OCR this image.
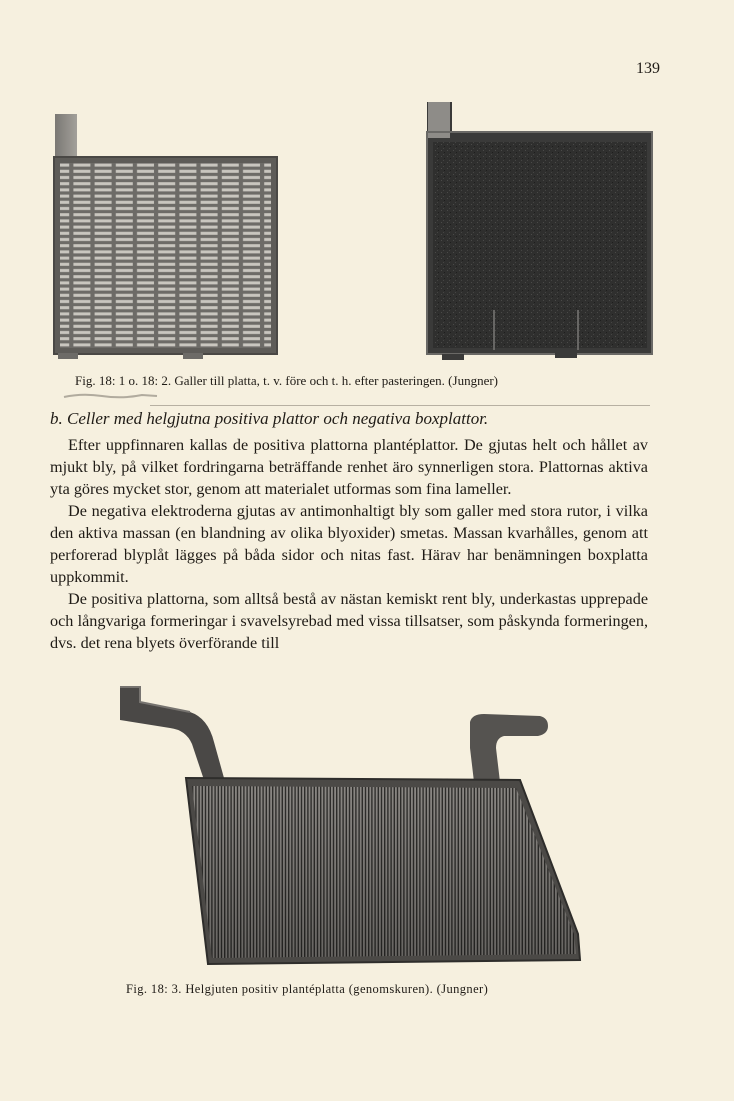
139
Fig. 18: 1 o. 18: 2. Galler till platta, t. v. före och t. h. efter pasteringen. (Jungner)
b. Celler med helgjutna positiva plattor och negativa boxplattor.

Efter uppfinnaren kallas de positiva plattorna plantéplattor. De gjutas helt och hållet av mjukt bly, på vilket fordringarna beträffande renhet äro synnerligen stora. Plattornas aktiva yta göres mycket stor, genom att materialet utformas som fina lameller.

De negativa elektroderna gjutas av antimonhaltigt bly som galler med stora rutor, i vilka den aktiva massan (en blandning av olika blyoxider) smetas. Massan kvarhålles, genom att perforerad blyplåt lägges på båda sidor och nitas fast. Härav har benämningen boxplatta uppkommit.

De positiva plattorna, som alltså bestå av nästan kemiskt rent bly, underkastas upprepade och långvariga formeringar i svavelsyrebad med vissa tillsatser, som påskynda formeringen, dvs. det rena blyets överförande till

Fig. 18: 3. Helgjuten positiv plantéplatta (genomskuren). (Jungner)
